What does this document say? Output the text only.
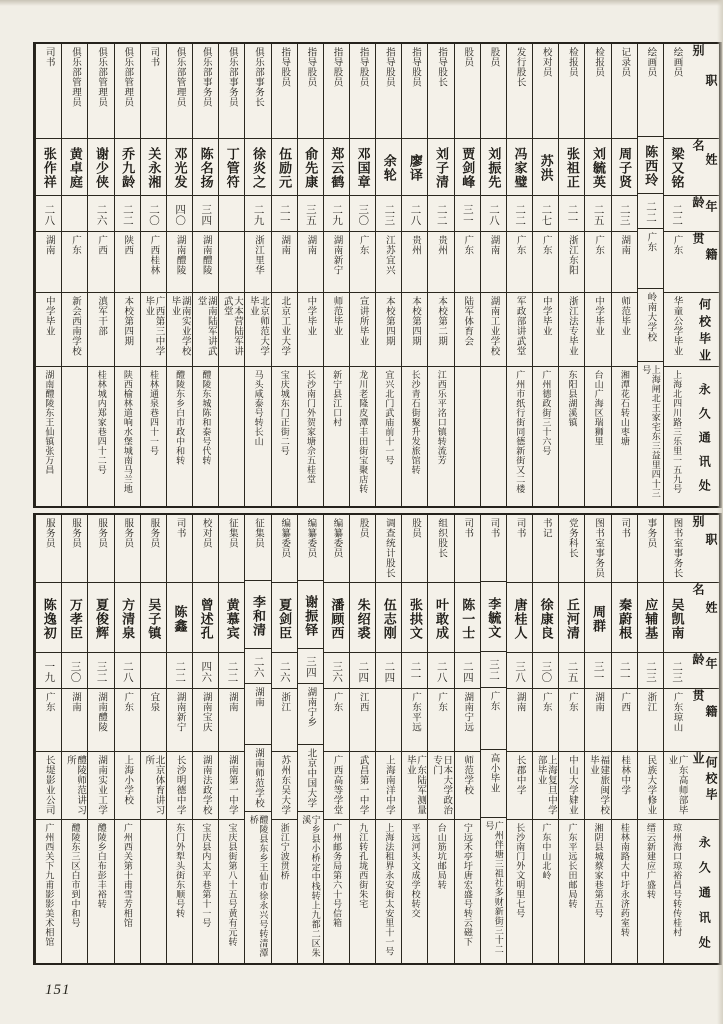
职别
姓名
年龄
籍贯
何校毕业
永久通讯处
绘画员
梁又铭
二二
广东
华童公学毕业
上海北四川路三乐里一五九号
绘画员
陈西玲
二二
广东
岭南大学校
上海闸北王家宅东三益里四十三号
记录员
周子贤
二三
湖南
师范毕业
湘潭花石转山枣塘
检报员
刘毓英
二五
广东
中学毕业
台山广海区瑞狮里
检报员
张祖正
二一
浙江东阳
浙江法专毕业
东阳县湖溪镇
校对员
苏洪
二七
广东
中学毕业
广州德政街三十六号
发行股长
冯家璧
二二
广东
军政部讲武堂
广州市纸行街同德新街又二楼
股员
刘振先
二八
湖南
湖南工业学校
股员
贾剑峰
三一
广东
陆军体育会
指导股长
刘子清
二二
贵州
本校第二期
江西乐平洺口镇转流芳
指导股员
廖译
二八
贵州
本校第四期
长沙青石街聚升发旅馆转
指导股员
余轮
二三
江苏宜兴
本校第四期
宜兴北门武庙前十一号
指导股员
邓国章
三〇
广东
宣讲所毕业
龙川老隆皮潭丰田街宝聚店转
指导股员
郑云鹤
二九
湖南新宁
师范毕业
新宁县江口村
指导股员
俞先康
三五
湖南
中学毕业
长沙南门外贺家塘佘五桂堂
指导股员
伍励元
二一
湖南
北京工业大学
宝庆城东门正街二号
俱乐部事务长
徐炎之
二九
浙江里华
北京师范大学毕业
马头咸泰号转长山
俱乐部事务员
丁管符
大本营陆军讲武堂
俱乐部事务员
陈名扬
三四
湖南醴陵
湖南陆军讲武堂
醴陵东城陈和泰号代转
俱乐部管理员
邓光发
四〇
湖南醴陵
湖南实业学校毕业
醴陵东乡白市政中和转
司书
关永湘
二〇
广西桂林
广西第三中学毕业
桂林通泉巷四十一号
俱乐部管理员
乔九龄
二二
陕西
本校第四期
陕西榆林道响水堡城南马兰地
俱乐部管理员
谢少侠
二六
广西
滇军干部
桂林城内郑家巷四十二号
俱乐部管理员
黄卓庭
广东
新会西南学校
司书
张作祥
二八
湖南
中学毕业
湖南醴陵东王仙镇张万昌
职别
姓名
年龄
籍贯
何校毕业
永久通讯处
图书室事务长
吴凯南
二三
广东琼山
广东高师部毕业
琼州海口琼裕昌号转传桂村
事务员
应辅基
二三
浙江
民族大学修业
缙云新建应广盛转
司书
秦蔚根
二一
广西
桂林中学
桂林南路大中圩永济药室转
图书室事务员
周群
三一
湖南
福建旅闽学校毕业
湘阴县城蔡家巷第五号
党务科长
丘河清
二五
广东
中山大学肄业
广东平远长田邮局转
书记
徐康良
三〇
广东
上海复旦中学部毕业
广东中山北岭
司书
唐桂人
三八
湖南
长郡中学
长沙南门外文明里七号
司书
李毓文
三二
广东
高小毕业
广州伴塘三祖社多财新街三十二号
司书
陈一士
二四
湖南宁远
师范学校
宁远禾亭圩唐宏盛号转云磁下
组织股长
叶敢成
二八
广东
日本大学政治专门
台山筋坑邮局转
股员
张拱文
二一
广东平远
广东陆军测量毕业
平远河头文成学校转交
调查统计股长
伍志刚
二四
上海南洋中学
上海法租界永安街太安里十一号
股员
朱绍裘
二四
江西
武昌第一中学
九江转孔垅西街朱宅
编纂委员
潘顾西
三六
广东
广西高等学堂
广州邮务局第六十号信箱
编纂委员
谢振铎
三四
湖南宁乡
北京中国大学
宁乡县小桥定中栈转上九都二区朱溪
编纂委员
夏剑臣
二六
浙江
苏州东吴大学
浙江宁波贯桥
征集员
李和清
二六
湖南
湖南师范学校
醴陵县东乡王仙市徐永兴号转清潭桥
征集员
黄慕宾
二二
湖南
湖南第一中学
宝庆县街第八十五号黄有元转
校对员
曾述孔
四六
湖南宝庆
湖南法政学校
宝庆县内太平巷第十一号
司书
陈鑫
二二
湖南新宁
长沙明德中学
东门外犁头街东顺号转
服务员
吴子镇
宜泉
北京体育讲习所
服务员
方清泉
二八
广东
上海小学校
广州西关第十甫雪芳相馆
服务员
夏俊辉
三二
湖南醴陵
湖南实业工学
醴陵乡白布彭丰裕转
服务员
万孝臣
三〇
湖南
醴陵师范讲习所
醴陵东三区白市到中和号
服务员
陈逸初
一九
广东
长堤影业公司
广州西关下九甫影影美术相馆
151
